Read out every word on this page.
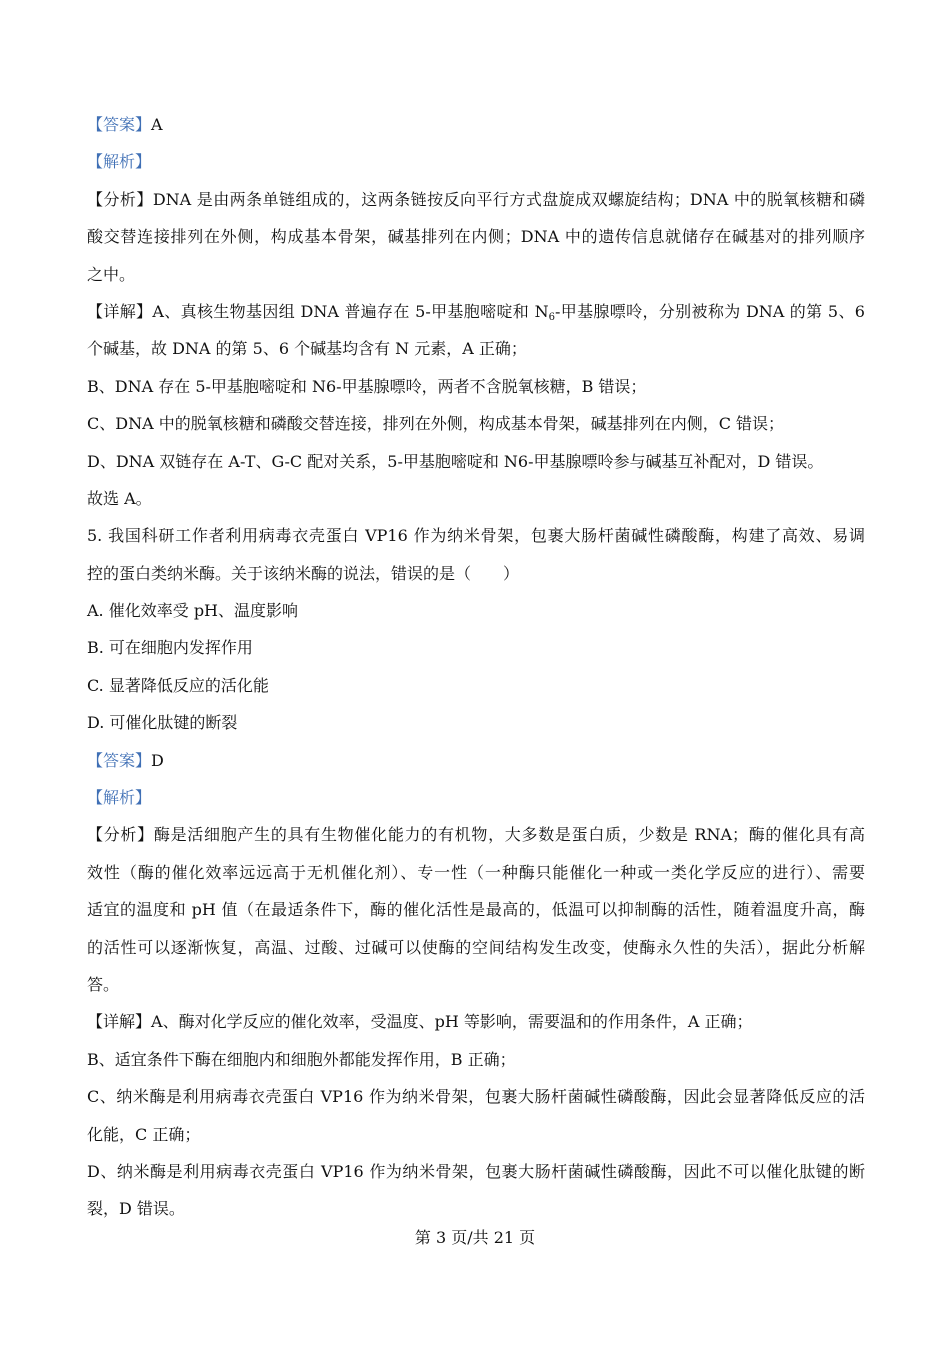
【答案】A
【解析】
【分析】DNA 是由两条单链组成的，这两条链按反向平行方式盘旋成双螺旋结构；DNA 中的脱氧核糖和磷
酸交替连接排列在外侧，构成基本骨架，碱基排列在内侧；DNA 中的遗传信息就储存在碱基对的排列顺序
之中。
【详解】A、真核生物基因组 DNA 普遍存在 5-甲基胞嘧啶和 $N_6-$甲基腺嘌呤，分别被称为 DNA 的第 5、6
个碱基，故 DNA 的第 5、6 个碱基均含有 N 元素，A 正确；
B、DNA 存在 5-甲基胞嘧啶和 N6-甲基腺嘌呤，两者不含脱氧核糖，B 错误；
C、DNA 中的脱氧核糖和磷酸交替连接，排列在外侧，构成基本骨架，碱基排列在内侧，C 错误；
D、DNA 双链存在 A-T、G-C 配对关系，5-甲基胞嘧啶和 N6-甲基腺嘌呤参与碱基互补配对，D 错误。
故选 A。
5. 我国科研工作者利用病毒衣壳蛋白 VP16 作为纳米骨架，包裹大肠杆菌碱性磷酸酶，构建了高效、易调
控的蛋白类纳米酶。关于该纳米酶的说法，错误的是（　　）
A. 催化效率受 pH、温度影响
B. 可在细胞内发挥作用
C. 显著降低反应的活化能
D. 可催化肽键的断裂
【答案】D
【解析】
【分析】酶是活细胞产生的具有生物催化能力的有机物，大多数是蛋白质，少数是 RNA；酶的催化具有高
效性（酶的催化效率远远高于无机催化剂）、专一性（一种酶只能催化一种或一类化学反应的进行）、需要
适宜的温度和 pH 值（在最适条件下，酶的催化活性是最高的，低温可以抑制酶的活性，随着温度升高，酶
的活性可以逐渐恢复，高温、过酸、过碱可以使酶的空间结构发生改变，使酶永久性的失活），据此分析解
答。
【详解】A、酶对化学反应的催化效率，受温度、pH 等影响，需要温和的作用条件，A 正确；
B、适宜条件下酶在细胞内和细胞外都能发挥作用，B 正确；
C、纳米酶是利用病毒衣壳蛋白 VP16 作为纳米骨架，包裹大肠杆菌碱性磷酸酶，因此会显著降低反应的活
化能，C 正确；
D、纳米酶是利用病毒衣壳蛋白 VP16 作为纳米骨架，包裹大肠杆菌碱性磷酸酶，因此不可以催化肽键的断
裂，D 错误。
第 3 页/共 21 页
